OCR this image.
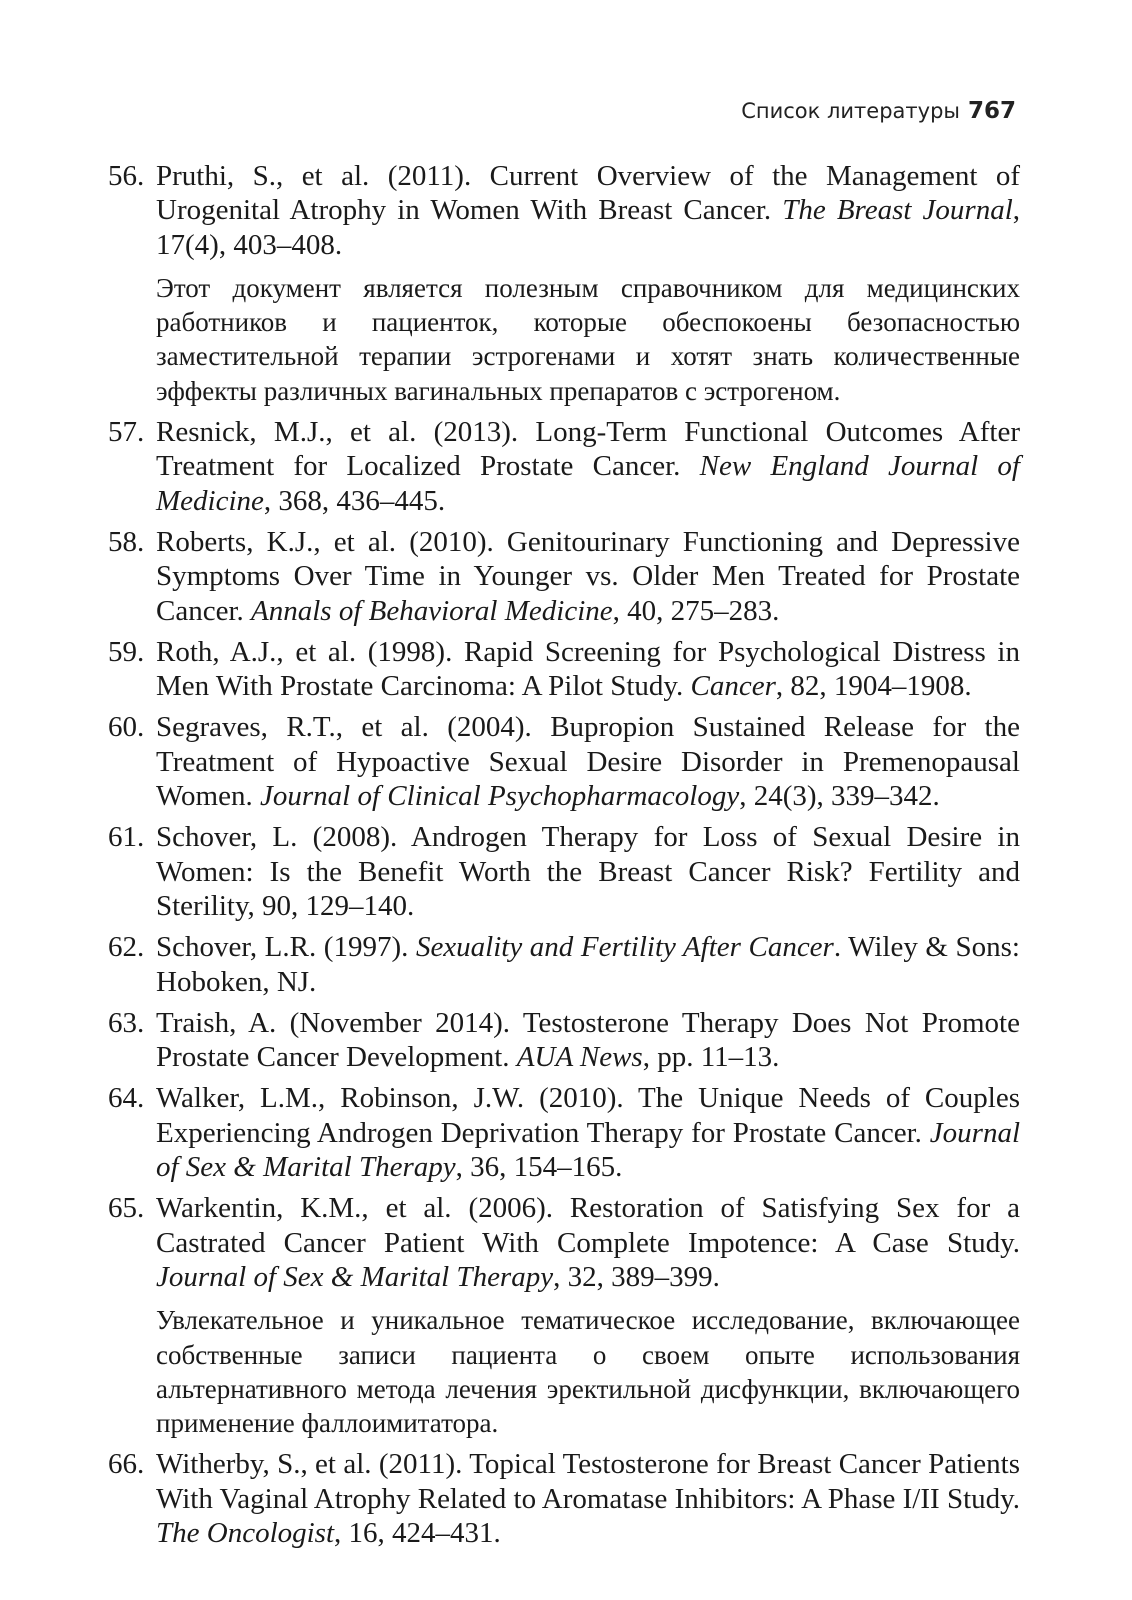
Список литературы 767
56. Pruthi, S., et al. (2011). Current Overview of the Management of Urogenital Atrophy in Women With Breast Cancer. The Breast Journal, 17(4), 403–408.

Этот документ является полезным справочником для медицинских работников и пациенток, которые обеспокоены безопасностью заместительной терапии эстрогенами и хотят знать количественные эффекты различных вагинальных препаратов с эстрогеном.

57. Resnick, M.J., et al. (2013). Long-Term Functional Outcomes After Treatment for Localized Prostate Cancer. New England Journal of Medicine, 368, 436–445.

58. Roberts, K.J., et al. (2010). Genitourinary Functioning and Depressive Symptoms Over Time in Younger vs. Older Men Treated for Prostate Cancer. Annals of Behavioral Medicine, 40, 275–283.

59. Roth, A.J., et al. (1998). Rapid Screening for Psychological Distress in Men With Prostate Carcinoma: A Pilot Study. Cancer, 82, 1904–1908.

60. Segraves, R.T., et al. (2004). Bupropion Sustained Release for the Treatment of Hypoactive Sexual Desire Disorder in Premenopausal Women. Journal of Clinical Psychopharmacology, 24(3), 339–342.

61. Schover, L. (2008). Androgen Therapy for Loss of Sexual Desire in Women: Is the Benefit Worth the Breast Cancer Risk? Fertility and Sterility, 90, 129–140.

62. Schover, L.R. (1997). Sexuality and Fertility After Cancer. Wiley & Sons: Hoboken, NJ.

63. Traish, A. (November 2014). Testosterone Therapy Does Not Promote Prostate Cancer Development. AUA News, pp. 11–13.

64. Walker, L.M., Robinson, J.W. (2010). The Unique Needs of Couples Experiencing Androgen Deprivation Therapy for Prostate Cancer. Journal of Sex & Marital Therapy, 36, 154–165.

65. Warkentin, K.M., et al. (2006). Restoration of Satisfying Sex for a Castrated Cancer Patient With Complete Impotence: A Case Study. Journal of Sex & Marital Therapy, 32, 389–399.

Увлекательное и уникальное тематическое исследование, включающее собственные записи пациента о своем опыте использования альтернативного метода лечения эректильной дисфункции, включающего применение фаллоимитатора.

66. Witherby, S., et al. (2011). Topical Testosterone for Breast Cancer Patients With Vaginal Atrophy Related to Aromatase Inhibitors: A Phase I/II Study. The Oncologist, 16, 424–431.
